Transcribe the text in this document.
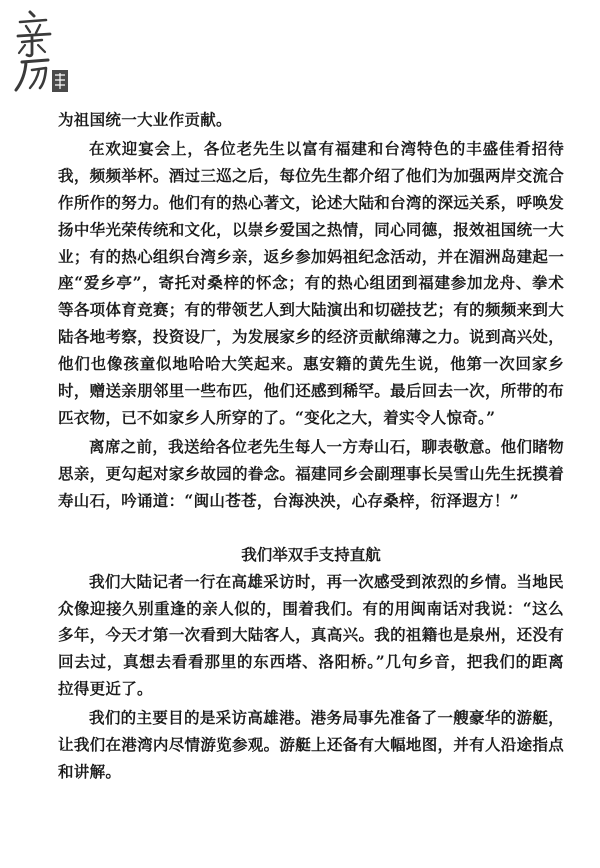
为祖国统一大业作贡献。

在欢迎宴会上，各位老先生以富有福建和台湾特色的丰盛佳肴招待我，频频举杯。酒过三巡之后，每位先生都介绍了他们为加强两岸交流合作所作的努力。他们有的热心著文，论述大陆和台湾的深远关系，呼唤发扬中华光荣传统和文化，以崇乡爱国之热情，同心同德，报效祖国统一大业；有的热心组织台湾乡亲，返乡参加妈祖纪念活动，并在湄洲岛建起一座“爱乡亭”，寄托对桑梓的怀念；有的热心组团到福建参加龙舟、拳术等各项体育竞赛；有的带领艺人到大陆演出和切磋技艺；有的频频来到大陆各地考察，投资设厂，为发展家乡的经济贡献绵薄之力。说到高兴处，他们也像孩童似地哈哈大笑起来。惠安籍的黄先生说，他第一次回家乡时，赠送亲朋邻里一些布匹，他们还感到稀罕。最后回去一次，所带的布匹衣物，已不如家乡人所穿的了。“变化之大，着实令人惊奇。”

离席之前，我送给各位老先生每人一方寿山石，聊表敬意。他们睹物思亲，更勾起对家乡故园的眷念。福建同乡会副理事长吴雪山先生抚摸着寿山石，吟诵道：“闽山苍苍，台海泱泱，心存桑梓，衍泽遐方！”

我们举双手支持直航

我们大陆记者一行在高雄采访时，再一次感受到浓烈的乡情。当地民众像迎接久别重逢的亲人似的，围着我们。有的用闽南话对我说：“这么多年，今天才第一次看到大陆客人，真高兴。我的祖籍也是泉州，还没有回去过，真想去看看那里的东西塔、洛阳桥。”几句乡音，把我们的距离拉得更近了。

我们的主要目的是采访高雄港。港务局事先准备了一艘豪华的游艇，让我们在港湾内尽情游览参观。游艇上还备有大幅地图，并有人沿途指点和讲解。
